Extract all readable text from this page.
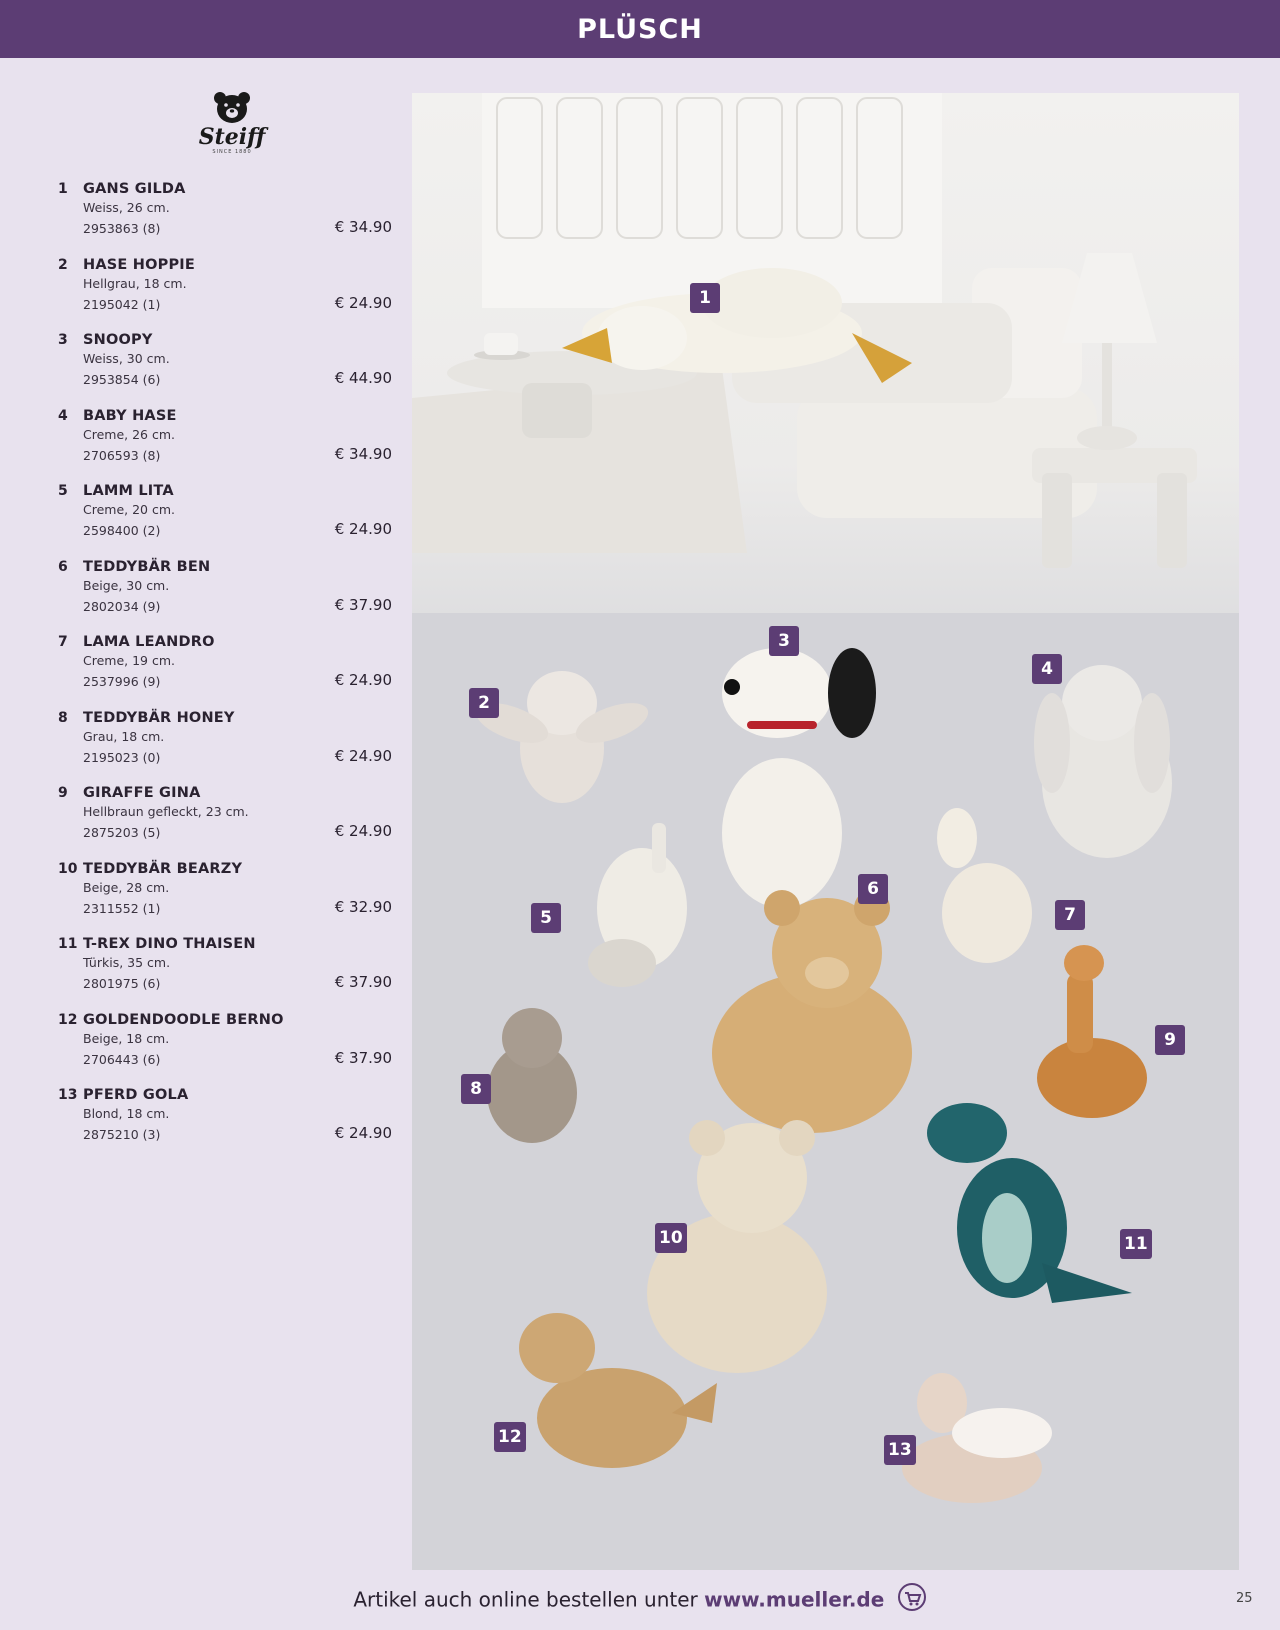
PLÜSCH
Steiff
SINCE 1880
1	GANS GILDA
Weiss, 26 cm.
2953863 (8)	€ 34.90
2	HASE HOPPIE
Hellgrau, 18 cm.
2195042 (1)	€ 24.90
3	SNOOPY
Weiss, 30 cm.
2953854 (6)	€ 44.90
4	BABY HASE
Creme, 26 cm.
2706593 (8)	€ 34.90
5	LAMM LITA
Creme, 20 cm.
2598400 (2)	€ 24.90
6	TEDDYBÄR BEN
Beige, 30 cm.
2802034 (9)	€ 37.90
7	LAMA LEANDRO
Creme, 19 cm.
2537996 (9)	€ 24.90
8	TEDDYBÄR HONEY
Grau, 18 cm.
2195023 (0)	€ 24.90
9	GIRAFFE GINA
Hellbraun gefleckt, 23 cm.
2875203 (5)	€ 24.90
10 TEDDYBÄR BEARZY
Beige, 28 cm.
2311552 (1)	€ 32.90
11 T-REX DINO THAISEN
Türkis, 35 cm.
2801975 (6)	€ 37.90
12 GOLDENDOODLE BERNO
Beige, 18 cm.
2706443 (6)	€ 37.90
13 PFERD GOLA
Blond, 18 cm.
2875210 (3)	€ 24.90
1
2
3
4
5
6
7
8
9
10	11
12
13
Artikel auch online bestellen unter www.mueller.de	25
